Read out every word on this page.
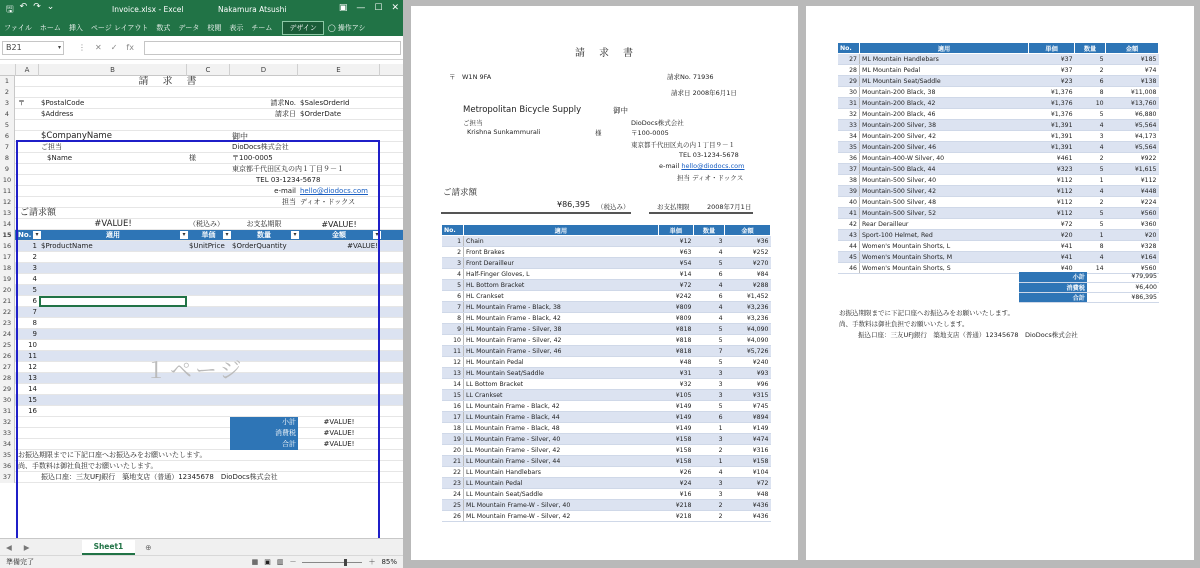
🖫 ↶ ↷ ⌄	Invoice.xlsx - Excel	Nakamura Atsushi	▣ — ☐ ✕
ファイル	ホーム	挿入	ページ レイアウト	数式	データ	校閲	表示	チーム	デザイン	◯ 操作アシ
B21	▾ ⋮ ✕ ✓ fx
A	B	C	D	E
1	請　求　書
2
3	〒	$PostalCode	請求No. $SalesOrderId
4	$Address	請求日 $OrderDate
5
6	$CompanyName	御中
7	ご担当	DioDocs株式会社
8	$Name	様	〒100-0005
9	東京都千代田区丸の内１丁目９－１
10	TEL 03-1234-5678
11	e-mail hello@diodocs.com
12	担当 ディオ・ドックス
13 ご請求額
14	#VALUE!	（税込み）	お支払期限	#VALUE!
15 No.	適用	単価	数量	金額
▾	▾	▾	▾	▾
16	1 $ProductName	$UnitPrice	$OrderQuantity	#VALUE!
17	2
18	3
19	4
20	5
21	6
22	7
23	8
24	9
25	10
26	11
27	12
28	13
29	14
30	15
31	16
32	小計	#VALUE!
33	消費税	#VALUE!
34	合計	#VALUE!
35 お振込期限までに下記口座へお振込みをお願いいたします。
36 尚、手数料は御社負担でお願いいたします。
37	振込口座：三友UFJ銀行　築地支店（普通）12345678　DioDocs株式会社
１ページ
◀	▶	Sheet1	⊕
準備完了	▦ ▣ ▥ －	＋ 85%
請　求　書
〒　W1N 9FA	請求No. 71936
請求日 2008年6月1日
Metropolitan Bicycle Supply	御中
ご担当	DioDocs株式会社
Krishna Sunkammurali	様	〒100-0005
東京都千代田区丸の内１丁目９－１
TEL 03-1234-5678
e-mail hello@diodocs.com
担当 ディオ・ドックス
ご請求額
¥86,395 （税込み）	お支払期限	2008年7月1日
No.	適用	単価	数量	金額
1	Chain	¥12	3	¥36
2	Front Brakes	¥63	4	¥252
3	Front Derailleur	¥54	5	¥270
4	Half-Finger Gloves, L	¥14	6	¥84
5	HL Bottom Bracket	¥72	4	¥288
6	HL Crankset	¥242	6	¥1,452
7	HL Mountain Frame - Black, 38	¥809	4	¥3,236
8	HL Mountain Frame - Black, 42	¥809	4	¥3,236
9	HL Mountain Frame - Silver, 38	¥818	5	¥4,090
10	HL Mountain Frame - Silver, 42	¥818	5	¥4,090
11	HL Mountain Frame - Silver, 46	¥818	7	¥5,726
12	HL Mountain Pedal	¥48	5	¥240
13	HL Mountain Seat/Saddle	¥31	3	¥93
14	LL Bottom Bracket	¥32	3	¥96
15	LL Crankset	¥105	3	¥315
16	LL Mountain Frame - Black, 42	¥149	5	¥745
17	LL Mountain Frame - Black, 44	¥149	6	¥894
18	LL Mountain Frame - Black, 48	¥149	1	¥149
19	LL Mountain Frame - Silver, 40	¥158	3	¥474
20	LL Mountain Frame - Silver, 42	¥158	2	¥316
21	LL Mountain Frame - Silver, 44	¥158	1	¥158
22	LL Mountain Handlebars	¥26	4	¥104
23	LL Mountain Pedal	¥24	3	¥72
24	LL Mountain Seat/Saddle	¥16	3	¥48
25	ML Mountain Frame-W - Silver, 40	¥218	2	¥436
26	ML Mountain Frame-W - Silver, 42	¥218	2	¥436
No.	適用	単価	数量	金額
27	ML Mountain Handlebars	¥37	5	¥185
28	ML Mountain Pedal	¥37	2	¥74
29	ML Mountain Seat/Saddle	¥23	6	¥138
30	Mountain-200 Black, 38	¥1,376	8	¥11,008
31	Mountain-200 Black, 42	¥1,376	10	¥13,760
32	Mountain-200 Black, 46	¥1,376	5	¥6,880
33	Mountain-200 Silver, 38	¥1,391	4	¥5,564
34	Mountain-200 Silver, 42	¥1,391	3	¥4,173
35	Mountain-200 Silver, 46	¥1,391	4	¥5,564
36	Mountain-400-W Silver, 40	¥461	2	¥922
37	Mountain-500 Black, 44	¥323	5	¥1,615
38	Mountain-500 Silver, 40	¥112	1	¥112
39	Mountain-500 Silver, 42	¥112	4	¥448
40	Mountain-500 Silver, 48	¥112	2	¥224
41	Mountain-500 Silver, 52	¥112	5	¥560
42	Rear Derailleur	¥72	5	¥360
43	Sport-100 Helmet, Red	¥20	1	¥20
44	Women's Mountain Shorts, L	¥41	8	¥328
45	Women's Mountain Shorts, M	¥41	4	¥164
46	Women's Mountain Shorts, S	¥40	14	¥560
小計	¥79,995
消費税	¥6,400
合計	¥86,395
お振込期限までに下記口座へお振込みをお願いいたします。
尚、手数料は御社負担でお願いいたします。
振込口座：三友UFJ銀行　築地支店（普通）12345678　DioDocs株式会社
